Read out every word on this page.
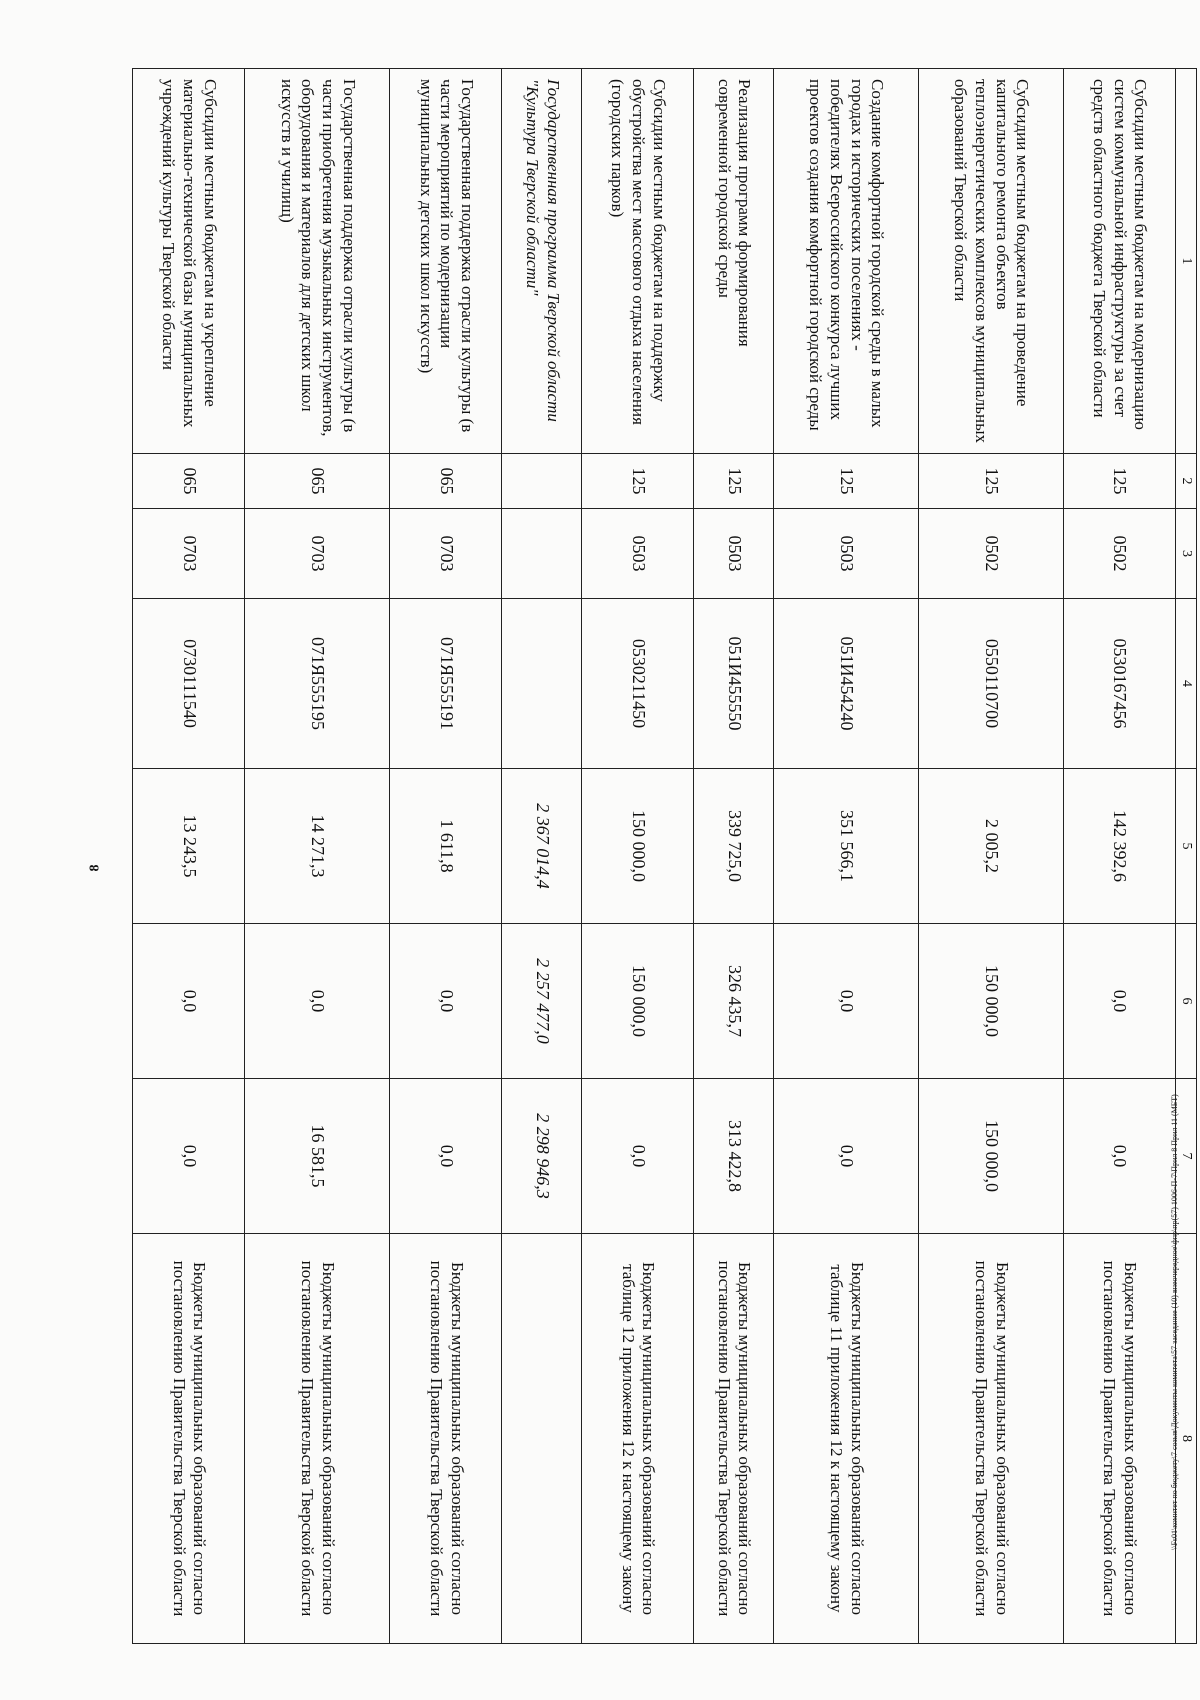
8
1	2	3	4	5	6	7	8
Субсидии местным бюджетам на модернизацию систем коммунальной инфраструктуры за счет средств областного бюджета Тверской области	125	0502	0530167456	142 392,6	0,0	0,0	Бюджеты муниципальных образований согласно постановлению Правительства Тверской области
Субсидии местным бюджетам на проведение капитального ремонта объектов теплоэнергетических комплексов муниципальных образований Тверской области	125	0502	0550110700	2 005,2	150 000,0	150 000,0	Бюджеты муниципальных образований согласно постановлению Правительства Тверской области
Создание комфортной городской среды в малых городах и исторических поселениях - победителях Всероссийского конкурса лучших проектов создания комфортной городской среды	125	0503	051И454240	351 566,1	0,0	0,0	Бюджеты муниципальных образований согласно таблице 11 приложения 12 к настоящему закону
Реализация программ формирования современной городской среды	125	0503	051И455550	339 725,0	326 435,7	313 422,8	Бюджеты муниципальных образований согласно постановлению Правительства Тверской области
Субсидии местным бюджетам на поддержку обустройства мест массового отдыха населения (городских парков)	125	0503	0530211450	150 000,0	150 000,0	0,0	Бюджеты муниципальных образований согласно таблице 12 приложения 12 к настоящему закону
Государственная программа Тверской области "Культура Тверской области"				2 367 014,4	2 257 477,0	2 298 946,3	
Государственная поддержка отрасли культуры (в части мероприятий по модернизации муниципальных детских школ искусств)	065	0703	071Я555191	1 611,8	0,0	0,0	Бюджеты муниципальных образований согласно постановлению Правительства Тверской области
Государственная поддержка отрасли культуры (в части приобретения музыкальных инструментов, оборудования и материалов для детских школ искусств и училищ)	065	0703	071Я555195	14 271,3	0,0	16 581,5	Бюджеты муниципальных образований согласно постановлению Правительства Тверской области
Субсидии местным бюджетам на укрепление материально-технической базы муниципальных учреждений культуры Тверской области	065	0703	0730111540	13 243,5	0,0	0,0	Бюджеты муниципальных образований согласно постановлению Правительства Тверской области	\\Fs01\комитет по бюджету\7 созыв\Документы комитета\57 заседание (10) внеочередное\фпр\пр(57) 1006-П-7\Прил 8 Прил 11 (МБТ)
